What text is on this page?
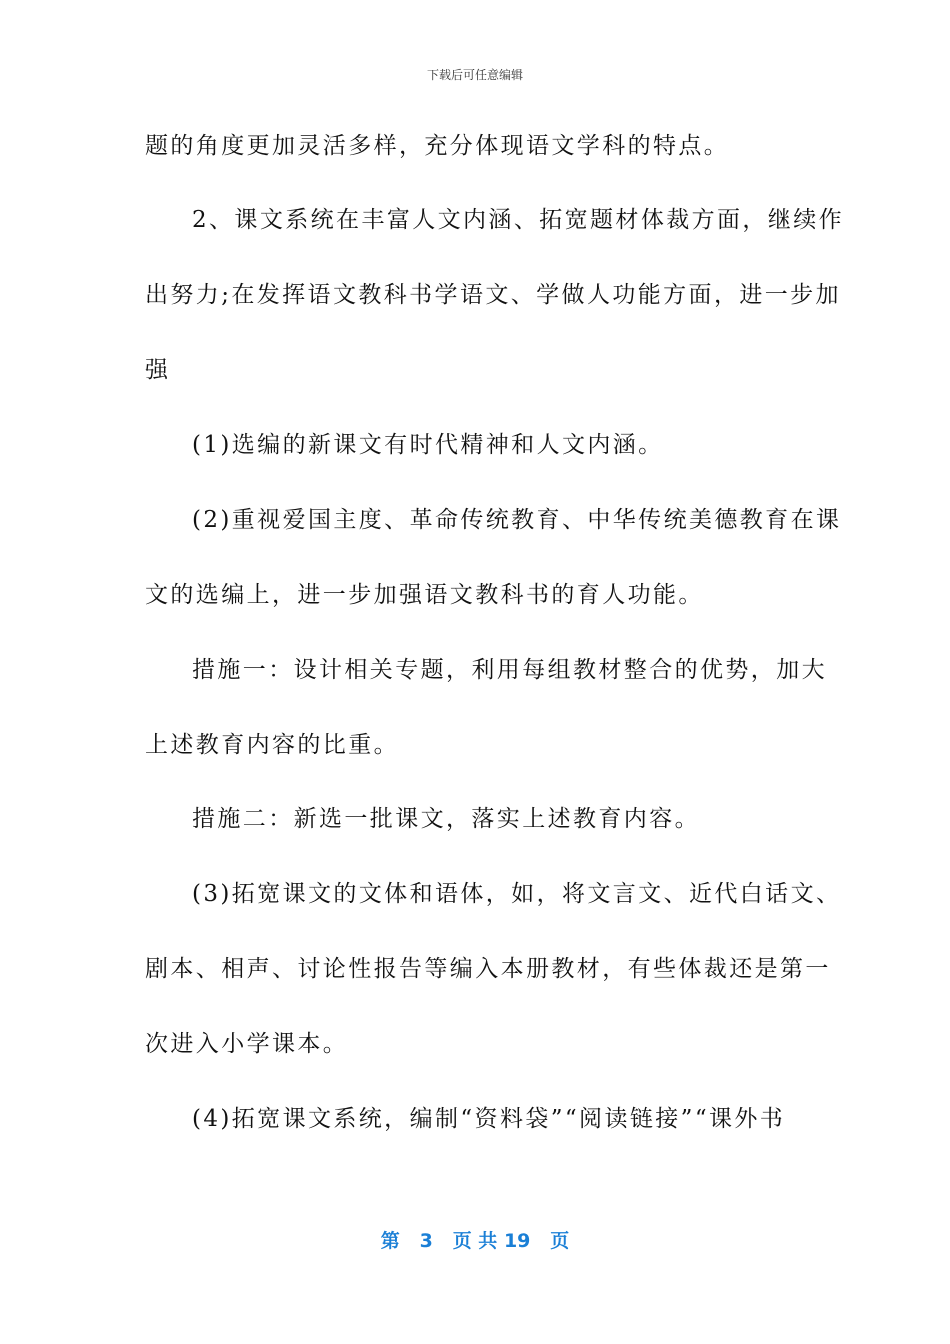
下载后可任意编辑
题的角度更加灵活多样，充分体现语文学科的特点。
2、课文系统在丰富人文内涵、拓宽题材体裁方面，继续作
出努力;在发挥语文教科书学语文、学做人功能方面，进一步加
强
(1)选编的新课文有时代精神和人文内涵。
(2)重视爱国主度、革命传统教育、中华传统美德教育在课
文的选编上，进一步加强语文教科书的育人功能。
措施一：设计相关专题，利用每组教材整合的优势，加大
上述教育内容的比重。
措施二：新选一批课文，落实上述教育内容。
(3)拓宽课文的文体和语体，如，将文言文、近代白话文、
剧本、相声、讨论性报告等编入本册教材，有些体裁还是第一
次进入小学课本。
(4)拓宽课文系统，编制“资料袋”“阅读链接”“课外书
第 3 页 共 19 页
